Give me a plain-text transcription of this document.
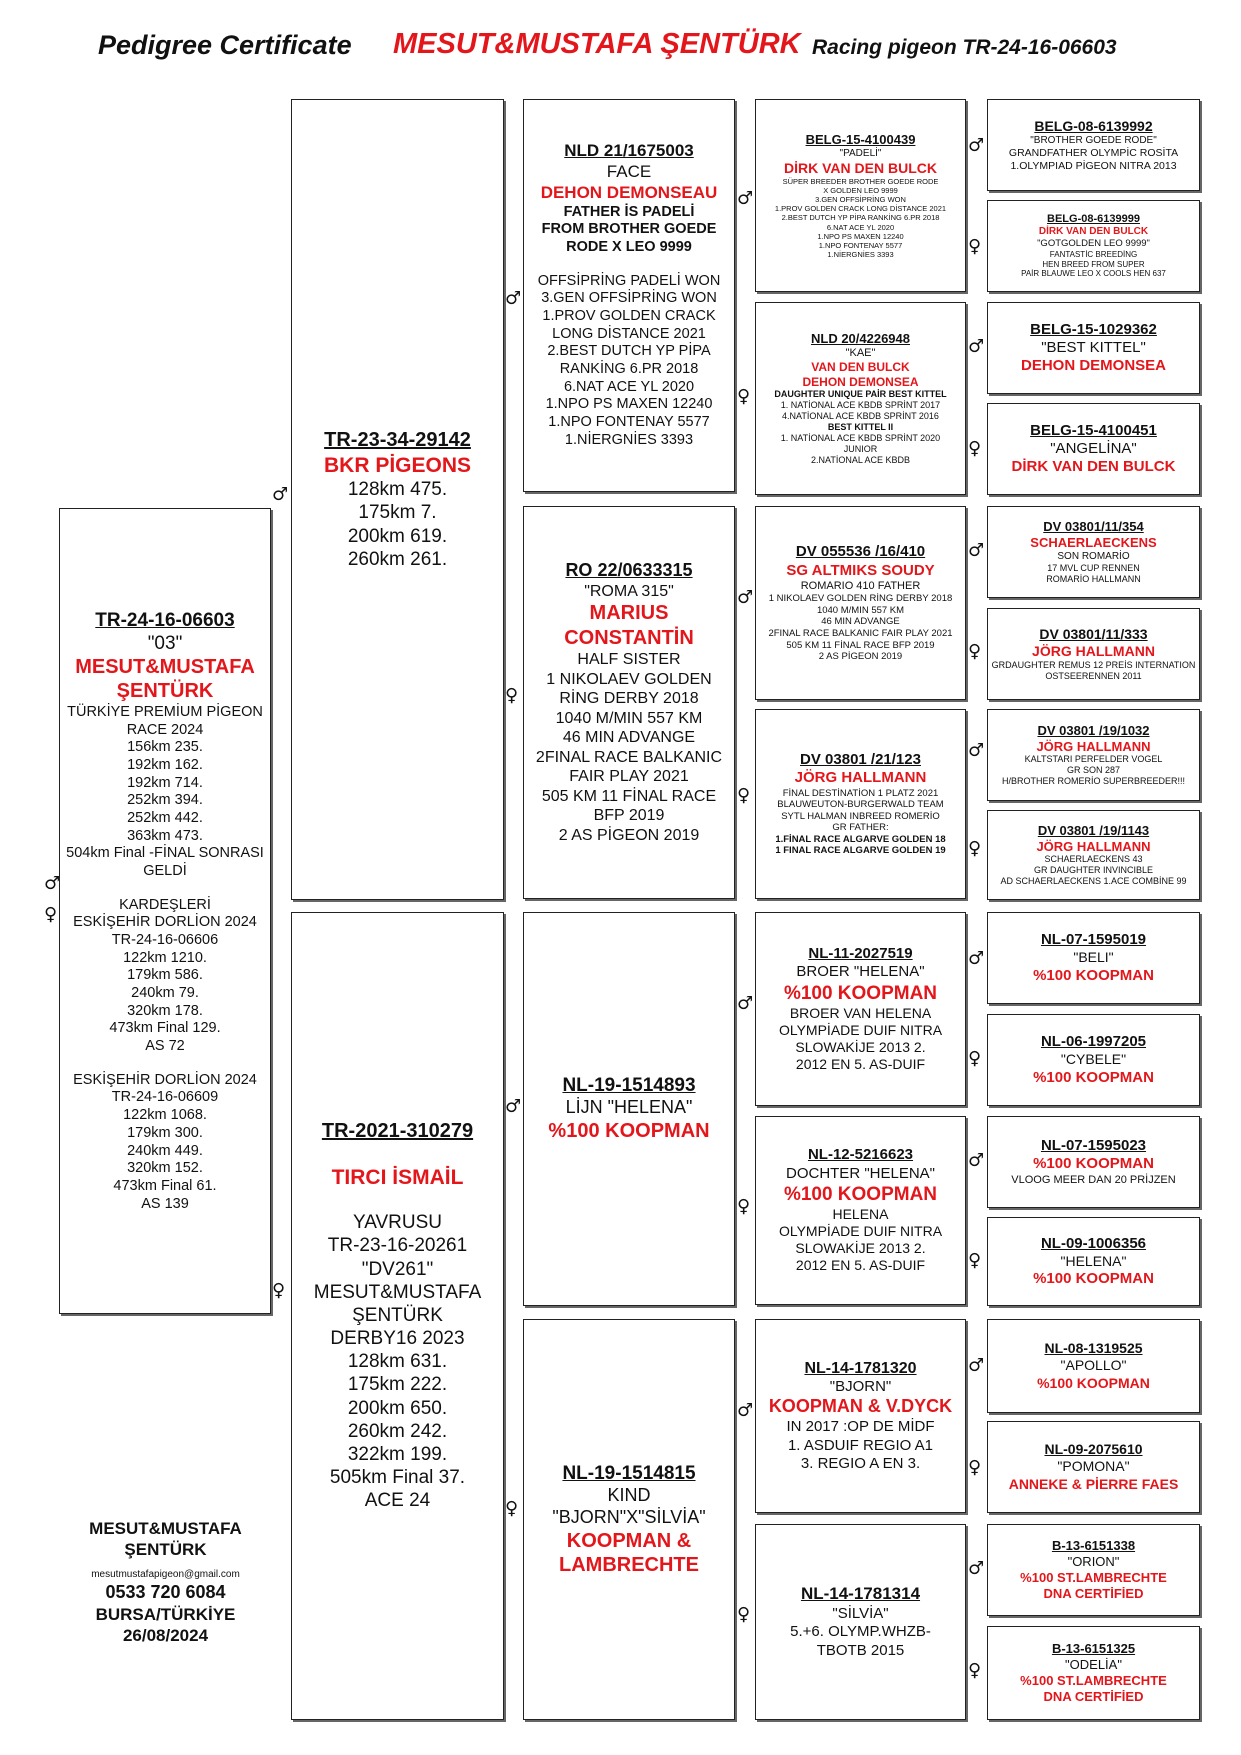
Pedigree Certificate MESUT&MUSTAFA ŞENTÜRK Racing pigeon TR-24-16-06603
TR-24-16-06603
"03"
MESUT&MUSTAFA
ŞENTÜRK
TÜRKİYE PREMİUM PİGEON
RACE 2024
156km 235.
192km 162.
192km 714.
252km 394.
252km 442.
363km 473.
504km Final -FİNAL SONRASI
GELDİ
KARDEŞLERİ
ESKİŞEHİR DORLİON 2024
TR-24-16-06606
122km 1210.
179km 586.
240km 79.
320km 178.
473km Final 129.
AS 72
ESKİŞEHİR DORLİON 2024
TR-24-16-06609
122km 1068.
179km 300.
240km 449.
320km 152.
473km Final 61.
AS 139
TR-23-34-29142
BKR PİGEONS
128km 475.
175km 7.
200km 619.
260km 261.
TR-2021-310279
TIRCI İSMAİL
YAVRUSU
TR-23-16-20261
"DV261"
MESUT&MUSTAFA
ŞENTÜRK
DERBY16 2023
128km 631.
175km 222.
200km 650.
260km 242.
322km 199.
505km Final 37.
ACE 24
NLD 21/1675003
FACE
DEHON DEMONSEAU
FATHER İS PADELİ
FROM BROTHER GOEDE
RODE X LEO 9999
OFFSİPRİNG PADELİ WON
3.GEN OFFSİPRİNG WON
1.PROV GOLDEN CRACK
LONG DİSTANCE 2021
2.BEST DUTCH YP PİPA
RANKİNG 6.PR 2018
6.NAT ACE YL 2020
1.NPO PS MAXEN 12240
1.NPO FONTENAY 5577
1.NİERGNİES 3393
RO 22/0633315
"ROMA 315"
MARIUS
CONSTANTİN
HALF SISTER
1 NIKOLAEV GOLDEN
RİNG DERBY 2018
1040 M/MIN 557 KM
46 MIN ADVANGE
2FINAL RACE BALKANIC
FAIR PLAY 2021
505 KM 11 FİNAL RACE
BFP 2019
2 AS PİGEON 2019
NL-19-1514893
LİJN "HELENA"
%100 KOOPMAN
NL-19-1514815
KIND
"BJORN"X"SİLVİA"
KOOPMAN &
LAMBRECHTE
BELG-15-4100439
"PADELİ"
DİRK VAN DEN BULCK
SÜPER BREEDER BROTHER GOEDE RODE
X GOLDEN LEO 9999
3.GEN OFFSİPRİNG WON
1.PROV GOLDEN CRACK LONG DİSTANCE 2021
2.BEST DUTCH YP PİPA RANKİNG 6.PR 2018
6.NAT ACE YL 2020
1.NPO PS MAXEN 12240
1.NPO FONTENAY 5577
1.NİERGNİES 3393
NLD 20/4226948
"KAE"
VAN DEN BULCK
DEHON DEMONSEA
DAUGHTER UNIQUE PAİR BEST KITTEL
1. NATİONAL ACE KBDB SPRİNT 2017
4.NATİONAL ACE KBDB SPRİNT 2016
BEST KITTEL II
1. NATİONAL ACE KBDB SPRİNT 2020
JUNIOR
2.NATİONAL ACE KBDB
DV 055536 /16/410
SG ALTMIKS SOUDY
ROMARIO 410 FATHER
1 NIKOLAEV GOLDEN RİNG DERBY 2018
1040 M/MIN 557 KM
46 MIN ADVANGE
2FINAL RACE BALKANIC FAIR PLAY 2021
505 KM 11 FİNAL RACE BFP 2019
2 AS PİGEON 2019
DV 03801 /21/123
JÖRG HALLMANN
FİNAL DESTİNATİON 1 PLATZ 2021
BLAUWEUTON-BURGERWALD TEAM
SYTL HALMAN INBREED ROMERİO
GR FATHER:
1.FİNAL RACE ALGARVE GOLDEN 18
1 FINAL RACE ALGARVE GOLDEN 19
NL-11-2027519
BROER "HELENA"
%100 KOOPMAN
BROER VAN HELENA
OLYMPİADE DUIF NITRA
SLOWAKİJE 2013 2.
2012 EN 5. AS-DUIF
NL-12-5216623
DOCHTER "HELENA"
%100 KOOPMAN
HELENA
OLYMPİADE DUIF NITRA
SLOWAKİJE 2013 2.
2012 EN 5. AS-DUIF
NL-14-1781320
"BJORN"
KOOPMAN & V.DYCK
IN 2017 :OP DE MİDF
1. ASDUIF REGIO A1
3. REGIO A EN 3.
NL-14-1781314
"SİLVİA"
5.+6. OLYMP.WHZB-
TBOTB 2015
BELG-08-6139992
"BROTHER GOEDE RODE"
GRANDFATHER OLYMPİC ROSİTA
1.OLYMPIAD PİGEON NITRA 2013
BELG-08-6139999
DİRK VAN DEN BULCK
"GOTGOLDEN LEO 9999"
FANTASTİC BREEDİNG
HEN BREED FROM SUPER
PAİR BLAUWE LEO X COOLS HEN 637
BELG-15-1029362
"BEST KITTEL"
DEHON DEMONSEA
BELG-15-4100451
"ANGELİNA"
DİRK VAN DEN BULCK
DV 03801/11/354
SCHAERLAECKENS
SON ROMARİO
17 MVL CUP RENNEN
ROMARİO HALLMANN
DV 03801/11/333
JÖRG HALLMANN
GRDAUGHTER REMUS 12 PREİS INTERNATION
OSTSEERENNEN 2011
DV 03801 /19/1032
JÖRG HALLMANN
KALTSTARI PERFELDER VOGEL
GR SON 287
H/BROTHER ROMERİO SUPERBREEDER!!!
DV 03801 /19/1143
JÖRG HALLMANN
SCHAERLAECKENS 43
GR DAUGHTER INVINCIBLE
AD SCHAERLAECKENS 1.ACE COMBİNE 99
NL-07-1595019
"BELI"
%100 KOOPMAN
NL-06-1997205
"CYBELE"
%100 KOOPMAN
NL-07-1595023
%100 KOOPMAN
VLOOG MEER DAN 20 PRİJZEN
NL-09-1006356
"HELENA"
%100 KOOPMAN
NL-08-1319525
"APOLLO"
%100 KOOPMAN
NL-09-2075610
"POMONA"
ANNEKE & PİERRE FAES
B-13-6151338
"ORION"
%100 ST.LAMBRECHTE
DNA CERTİFİED
B-13-6151325
"ODELİA"
%100 ST.LAMBRECHTE
DNA CERTİFİED
♂
♀
♂
♀
♂
♀
♂
♀
♂
♀
♂
♀
♂
♀
♂
♀
♂
♀
♂
♀
♂
♀
♂
♀
♂
♀
♂
♀
♂
♀
♂
♀
MESUT&MUSTAFA
ŞENTÜRK
mesutmustafapigeon@gmail.com
0533 720 6084
BURSA/TÜRKİYE
26/08/2024
